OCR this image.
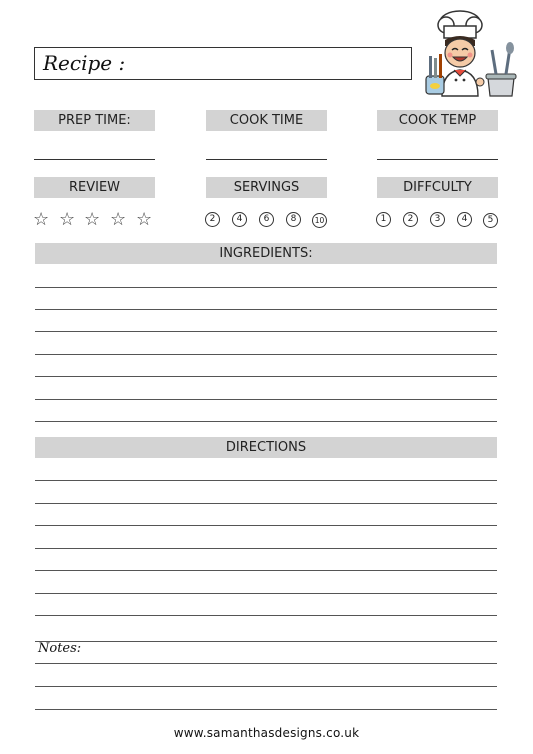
Recipe :
PREP TIME:	COOK TIME	COOK TEMP
REVIEW	SERVINGS	DIFFCULTY
☆ ☆ ☆ ☆ ☆	2	4	6	8	10	1	2	3	4	5
INGREDIENTS:
DIRECTIONS
Notes:
www.samanthasdesigns.co.uk
